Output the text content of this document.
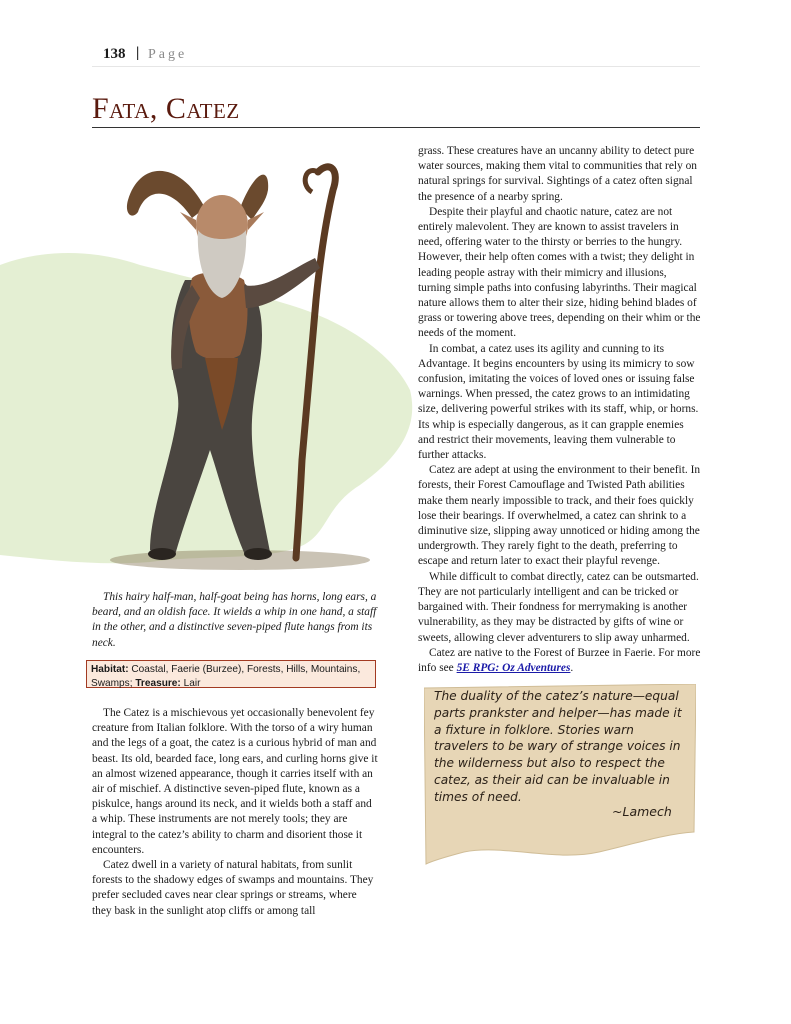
138 | Page
Fata, Catez
This hairy half-man, half-goat being has horns, long ears, a beard, and an oldish face. It wields a whip in one hand, a staff in the other, and a distinctive seven-piped flute hangs from its neck.
Habitat: Coastal, Faerie (Burzee), Forests, Hills, Mountains, Swamps; Treasure: Lair

The Catez is a mischievous yet occasionally benevolent fey creature from Italian folklore. With the torso of a wiry human and the legs of a goat, the catez is a curious hybrid of man and beast. Its old, bearded face, long ears, and curling horns give it an almost wizened appearance, though it carries itself with an air of mischief. A distinctive seven-piped flute, known as a piskulce, hangs around its neck, and it wields both a staff and a whip. These instruments are not merely tools; they are integral to the catez’s ability to charm and disorient those it encounters.

Catez dwell in a variety of natural habitats, from sunlit forests to the shadowy edges of swamps and mountains. They prefer secluded caves near clear springs or streams, where they bask in the sunlight atop cliffs or among tall

grass. These creatures have an uncanny ability to detect pure water sources, making them vital to communities that rely on natural springs for survival. Sightings of a catez often signal the presence of a nearby spring.

Despite their playful and chaotic nature, catez are not entirely malevolent. They are known to assist travelers in need, offering water to the thirsty or berries to the hungry. However, their help often comes with a twist; they delight in leading people astray with their mimicry and illusions, turning simple paths into confusing labyrinths. Their magical nature allows them to alter their size, hiding behind blades of grass or towering above trees, depending on their whim or the needs of the moment.

In combat, a catez uses its agility and cunning to its Advantage. It begins encounters by using its mimicry to sow confusion, imitating the voices of loved ones or issuing false warnings. When pressed, the catez grows to an intimidating size, delivering powerful strikes with its staff, whip, or horns. Its whip is especially dangerous, as it can grapple enemies and restrict their movements, leaving them vulnerable to further attacks.

Catez are adept at using the environment to their benefit. In forests, their Forest Camouflage and Twisted Path abilities make them nearly impossible to track, and their foes quickly lose their bearings. If overwhelmed, a catez can shrink to a diminutive size, slipping away unnoticed or hiding among the undergrowth. They rarely fight to the death, preferring to escape and return later to exact their playful revenge.

While difficult to combat directly, catez can be outsmarted. They are not particularly intelligent and can be tricked or bargained with. Their fondness for merrymaking is another vulnerability, as they may be distracted by gifts of wine or sweets, allowing clever adventurers to slip away unharmed.

Catez are native to the Forest of Burzee in Faerie. For more info see 5E RPG: Oz Adventures.

The duality of the catez’s nature—equal parts prankster and helper—has made it a fixture in folklore. Stories warn travelers to be wary of strange voices in the wilderness but also to respect the catez, as their aid can be invaluable in times of need.
~Lamech
